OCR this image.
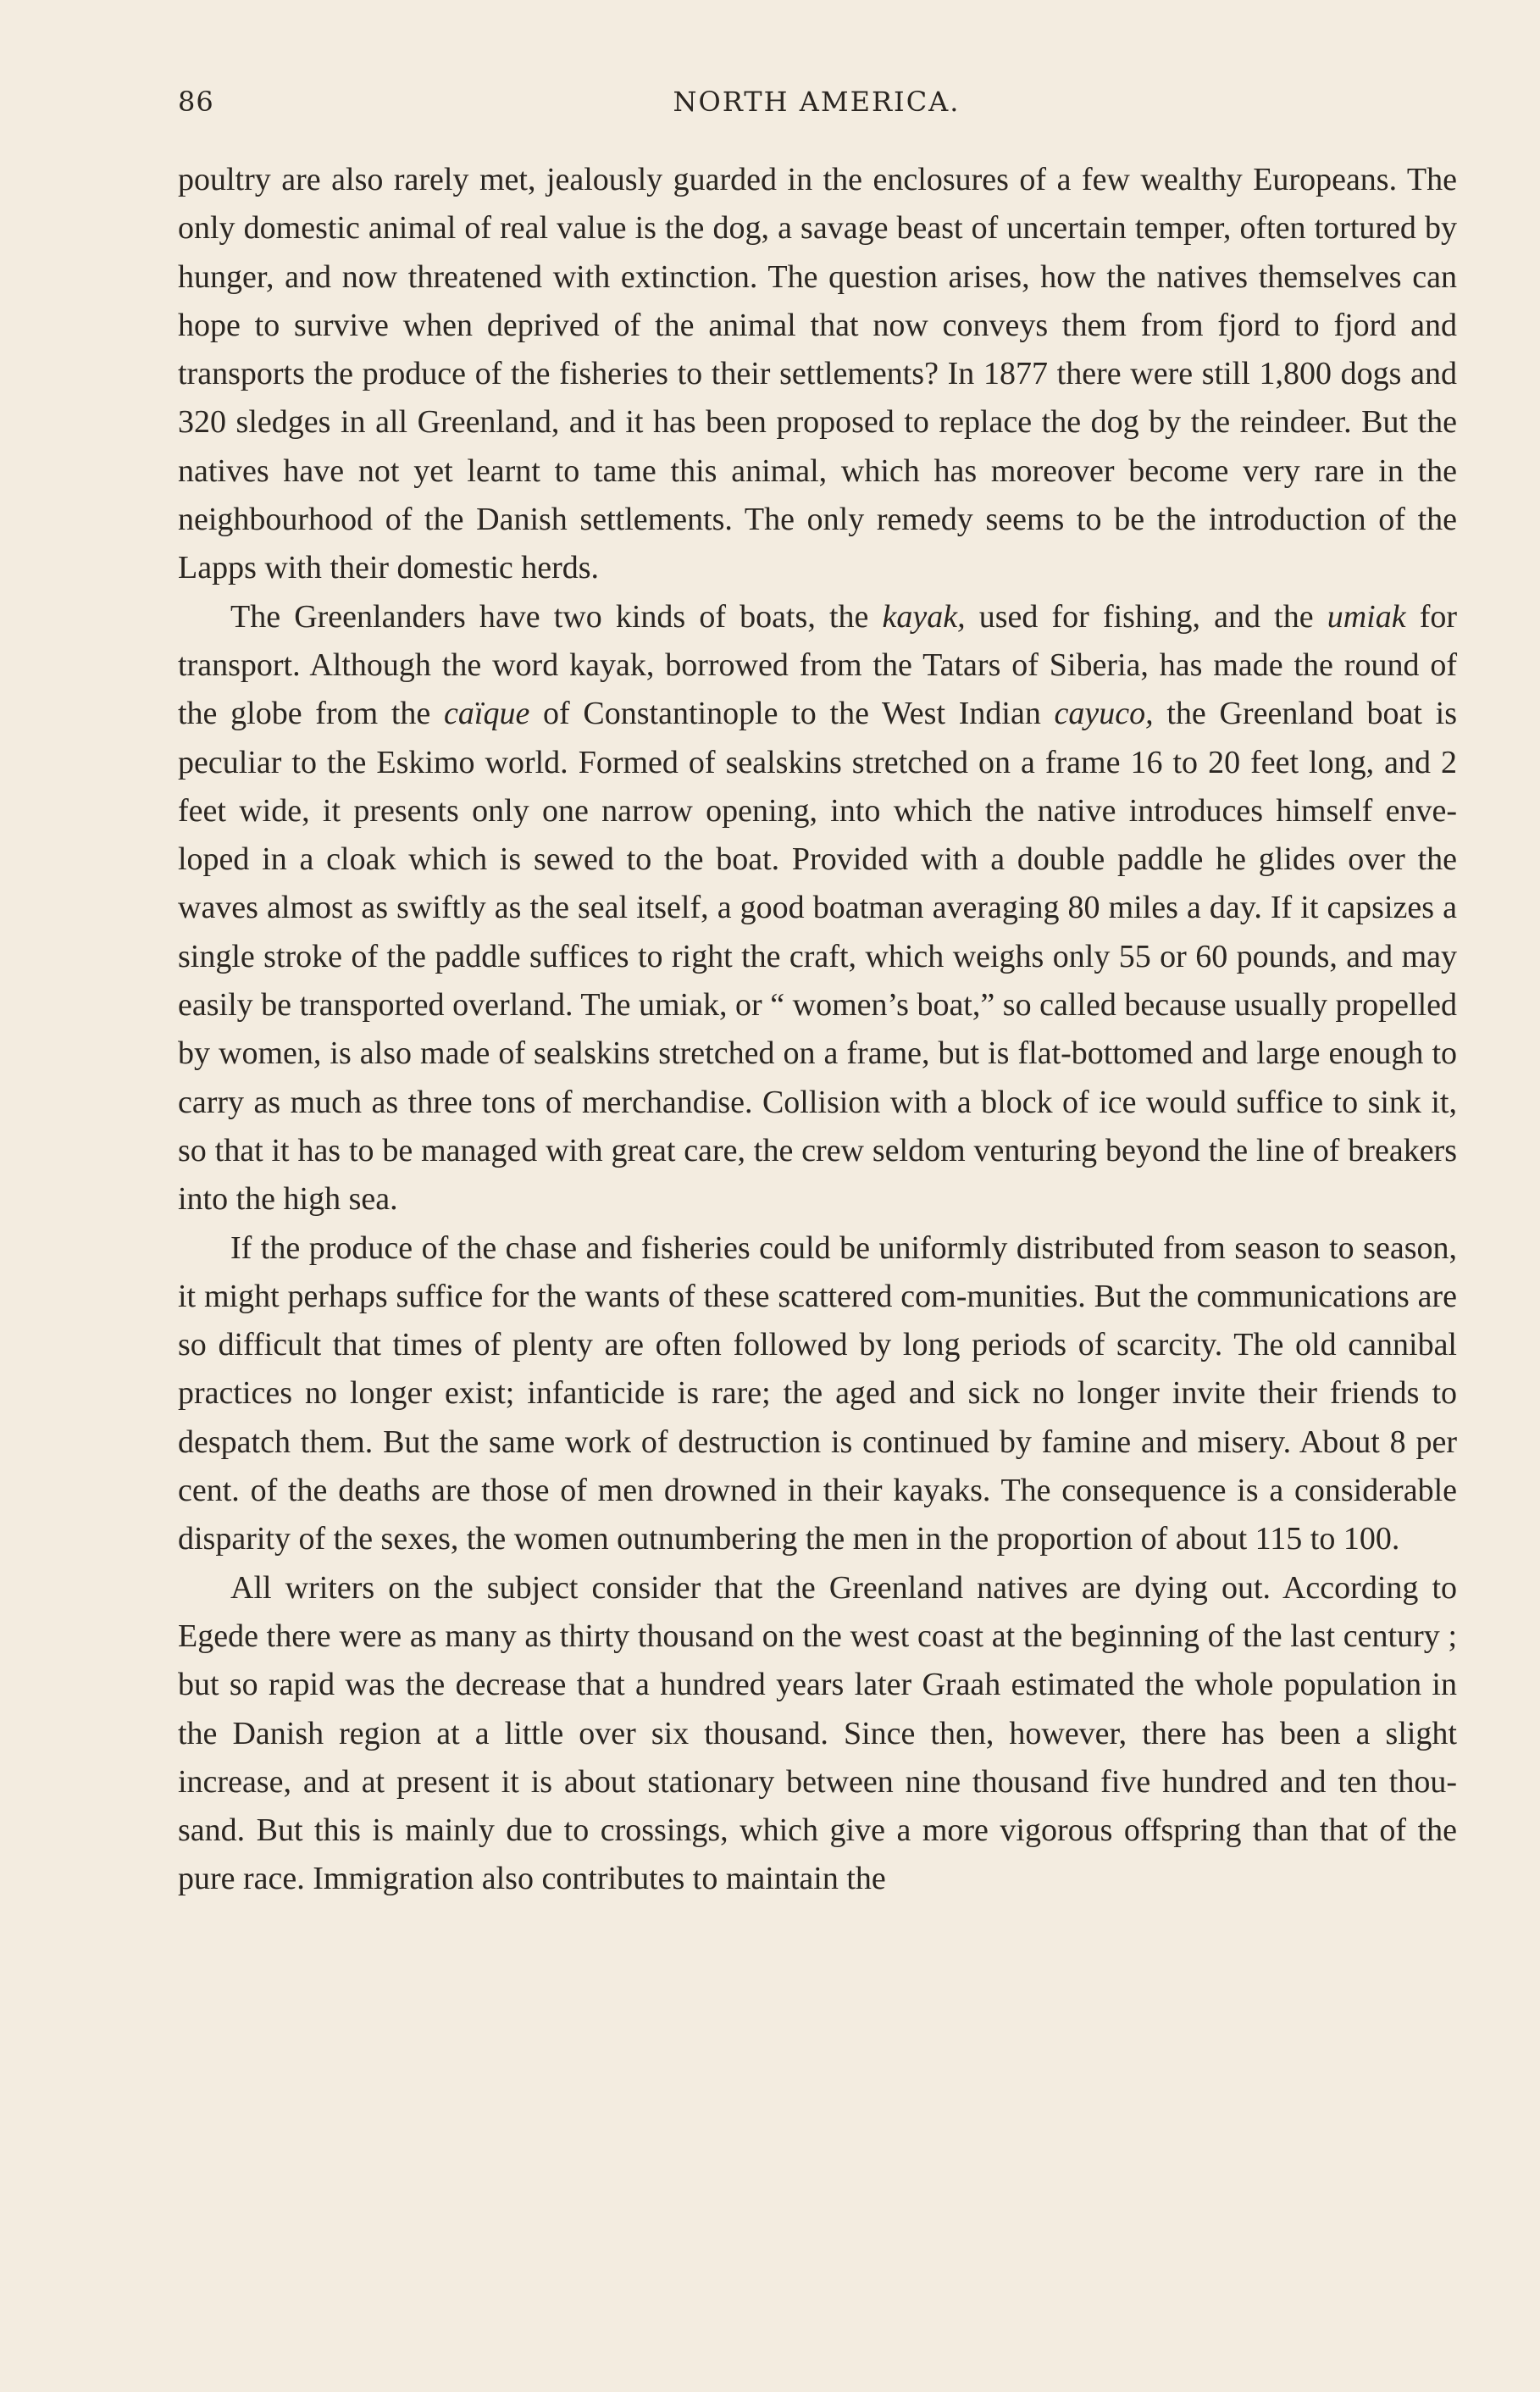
86	NORTH AMERICA.

poultry are also rarely met, jealously guarded in the enclosures of a few wealthy Europeans. The only domestic animal of real value is the dog, a savage beast of uncertain temper, often tortured by hunger, and now threatened with extinction. The question arises, how the natives themselves can hope to survive when deprived of the animal that now conveys them from fjord to fjord and transports the produce of the fisheries to their settlements? In 1877 there were still 1,800 dogs and 320 sledges in all Greenland, and it has been proposed to replace the dog by the reindeer. But the natives have not yet learnt to tame this animal, which has moreover become very rare in the neighbourhood of the Danish settlements. The only remedy seems to be the introduction of the Lapps with their domestic herds.

The Greenlanders have two kinds of boats, the kayak, used for fishing, and the umiak for transport. Although the word kayak, borrowed from the Tatars of Siberia, has made the round of the globe from the caïque of Constantinople to the West Indian cayuco, the Greenland boat is peculiar to the Eskimo world. Formed of sealskins stretched on a frame 16 to 20 feet long, and 2 feet wide, it presents only one narrow opening, into which the native introduces himself enve-loped in a cloak which is sewed to the boat. Provided with a double paddle he glides over the waves almost as swiftly as the seal itself, a good boatman averaging 80 miles a day. If it capsizes a single stroke of the paddle suffices to right the craft, which weighs only 55 or 60 pounds, and may easily be transported overland. The umiak, or “ women’s boat,” so called because usually propelled by women, is also made of sealskins stretched on a frame, but is flat-bottomed and large enough to carry as much as three tons of merchandise. Collision with a block of ice would suffice to sink it, so that it has to be managed with great care, the crew seldom venturing beyond the line of breakers into the high sea.

If the produce of the chase and fisheries could be uniformly distributed from season to season, it might perhaps suffice for the wants of these scattered com-munities. But the communications are so difficult that times of plenty are often followed by long periods of scarcity. The old cannibal practices no longer exist; infanticide is rare; the aged and sick no longer invite their friends to despatch them. But the same work of destruction is continued by famine and misery. About 8 per cent. of the deaths are those of men drowned in their kayaks. The consequence is a considerable disparity of the sexes, the women outnumbering the men in the proportion of about 115 to 100.

All writers on the subject consider that the Greenland natives are dying out. According to Egede there were as many as thirty thousand on the west coast at the beginning of the last century ; but so rapid was the decrease that a hundred years later Graah estimated the whole population in the Danish region at a little over six thousand. Since then, however, there has been a slight increase, and at present it is about stationary between nine thousand five hundred and ten thou-sand. But this is mainly due to crossings, which give a more vigorous offspring than that of the pure race. Immigration also contributes to maintain the
